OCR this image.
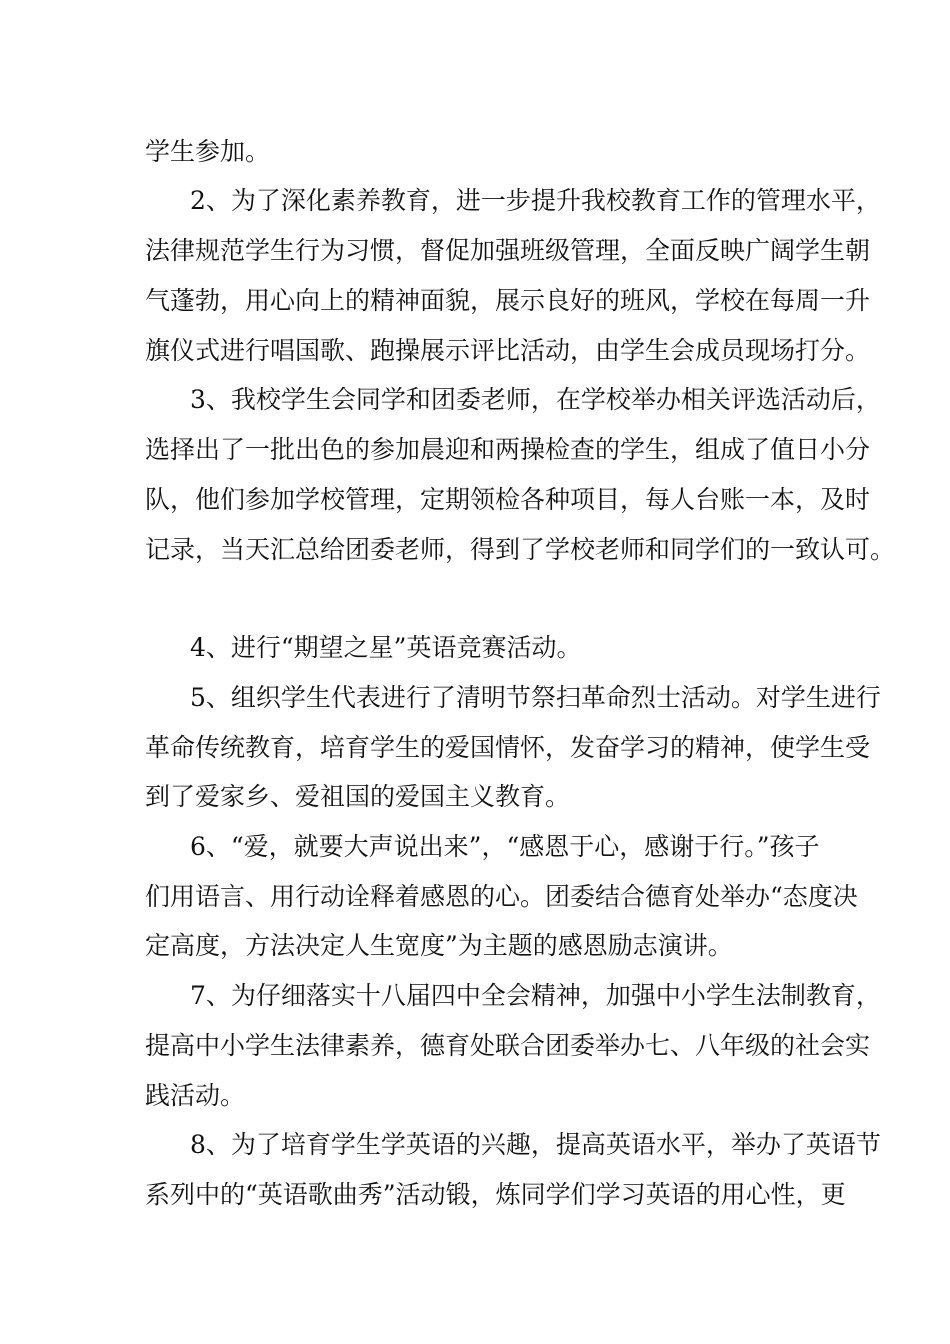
学生参加。
2、为了深化素养教育，进一步提升我校教育工作的管理水平，
法律规范学生行为习惯，督促加强班级管理，全面反映广阔学生朝
气蓬勃，用心向上的精神面貌，展示良好的班风，学校在每周一升
旗仪式进行唱国歌、跑操展示评比活动，由学生会成员现场打分。
3、我校学生会同学和团委老师，在学校举办相关评选活动后，
选择出了一批出色的参加晨迎和两操检查的学生，组成了值日小分
队，他们参加学校管理，定期领检各种项目，每人台账一本，及时
记录，当天汇总给团委老师，得到了学校老师和同学们的一致认可。
4、进行“期望之星”英语竞赛活动。
5、组织学生代表进行了清明节祭扫革命烈士活动。对学生进行
革命传统教育，培育学生的爱国情怀，发奋学习的精神，使学生受
到了爱家乡、爱祖国的爱国主义教育。
6、“爱，就要大声说出来”，“感恩于心，感谢于行。”孩子
们用语言、用行动诠释着感恩的心。团委结合德育处举办“态度决
定高度，方法决定人生宽度”为主题的感恩励志演讲。
7、为仔细落实十八届四中全会精神，加强中小学生法制教育，
提高中小学生法律素养，德育处联合团委举办七、八年级的社会实
践活动。
8、为了培育学生学英语的兴趣，提高英语水平，举办了英语节
系列中的“英语歌曲秀”活动锻，炼同学们学习英语的用心性，更
